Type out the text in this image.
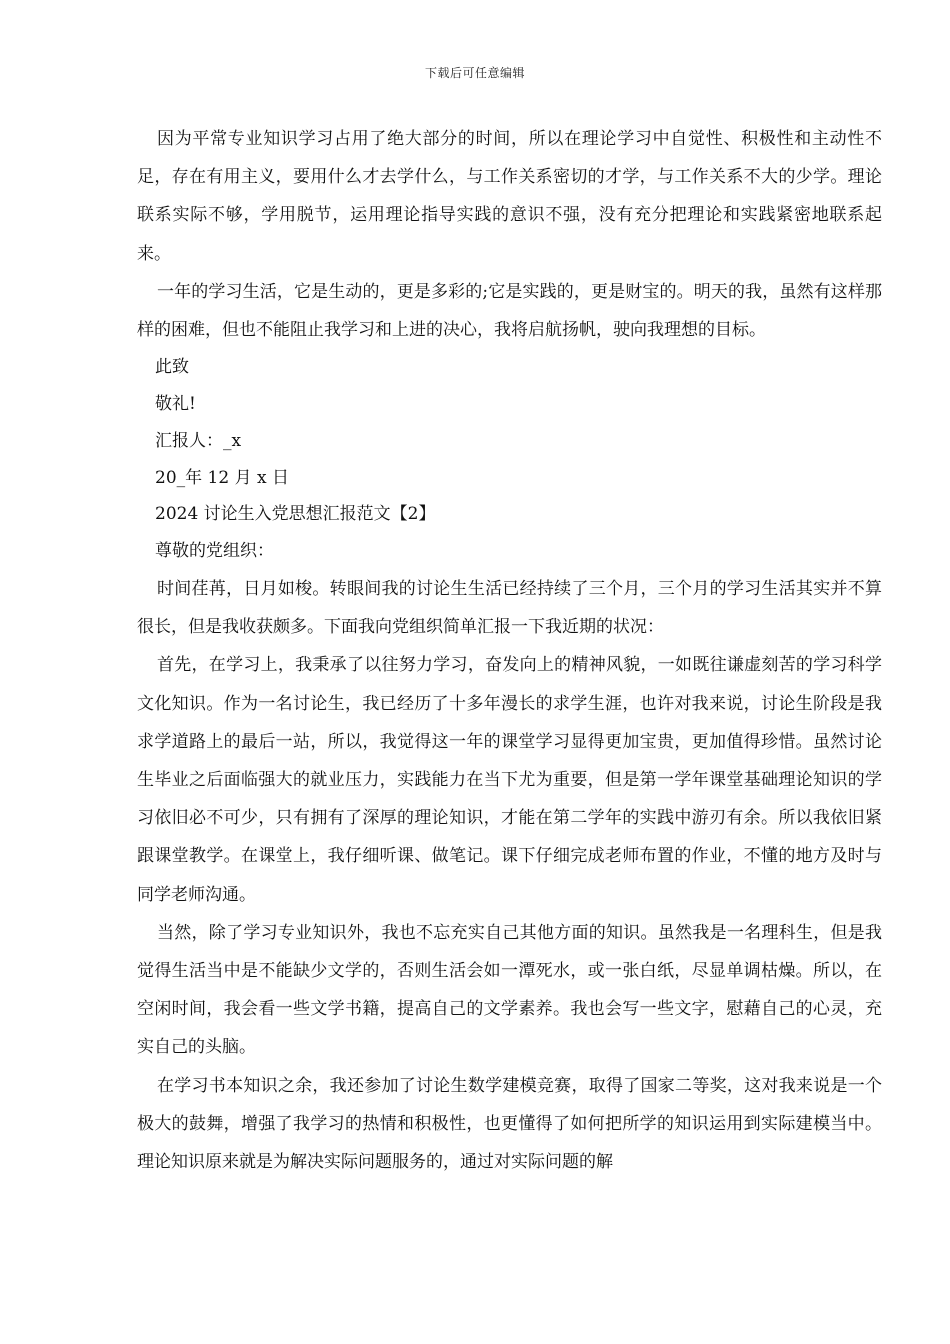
下载后可任意编辑

因为平常专业知识学习占用了绝大部分的时间，所以在理论学习中自觉性、积极性和主动性不足，存在有用主义，要用什么才去学什么，与工作关系密切的才学，与工作关系不大的少学。理论联系实际不够，学用脱节，运用理论指导实践的意识不强，没有充分把理论和实践紧密地联系起来。

一年的学习生活，它是生动的，更是多彩的;它是实践的，更是财宝的。明天的我，虽然有这样那样的困难，但也不能阻止我学习和上进的决心，我将启航扬帆，驶向我理想的目标。

此致

敬礼!

汇报人：_x

20_年 12 月 x 日

2024 讨论生入党思想汇报范文【2】

尊敬的党组织：

时间荏苒，日月如梭。转眼间我的讨论生生活已经持续了三个月，三个月的学习生活其实并不算很长，但是我收获颇多。下面我向党组织简单汇报一下我近期的状况：

首先，在学习上，我秉承了以往努力学习，奋发向上的精神风貌，一如既往谦虚刻苦的学习科学文化知识。作为一名讨论生，我已经历了十多年漫长的求学生涯，也许对我来说，讨论生阶段是我求学道路上的最后一站，所以，我觉得这一年的课堂学习显得更加宝贵，更加值得珍惜。虽然讨论生毕业之后面临强大的就业压力，实践能力在当下尤为重要，但是第一学年课堂基础理论知识的学习依旧必不可少，只有拥有了深厚的理论知识，才能在第二学年的实践中游刃有余。所以我依旧紧跟课堂教学。在课堂上，我仔细听课、做笔记。课下仔细完成老师布置的作业，不懂的地方及时与同学老师沟通。

当然，除了学习专业知识外，我也不忘充实自己其他方面的知识。虽然我是一名理科生，但是我觉得生活当中是不能缺少文学的，否则生活会如一潭死水，或一张白纸，尽显单调枯燥。所以，在空闲时间，我会看一些文学书籍，提高自己的文学素养。我也会写一些文字，慰藉自己的心灵，充实自己的头脑。

在学习书本知识之余，我还参加了讨论生数学建模竞赛，取得了国家二等奖，这对我来说是一个极大的鼓舞，增强了我学习的热情和积极性，也更懂得了如何把所学的知识运用到实际建模当中。理论知识原来就是为解决实际问题服务的，通过对实际问题的解
